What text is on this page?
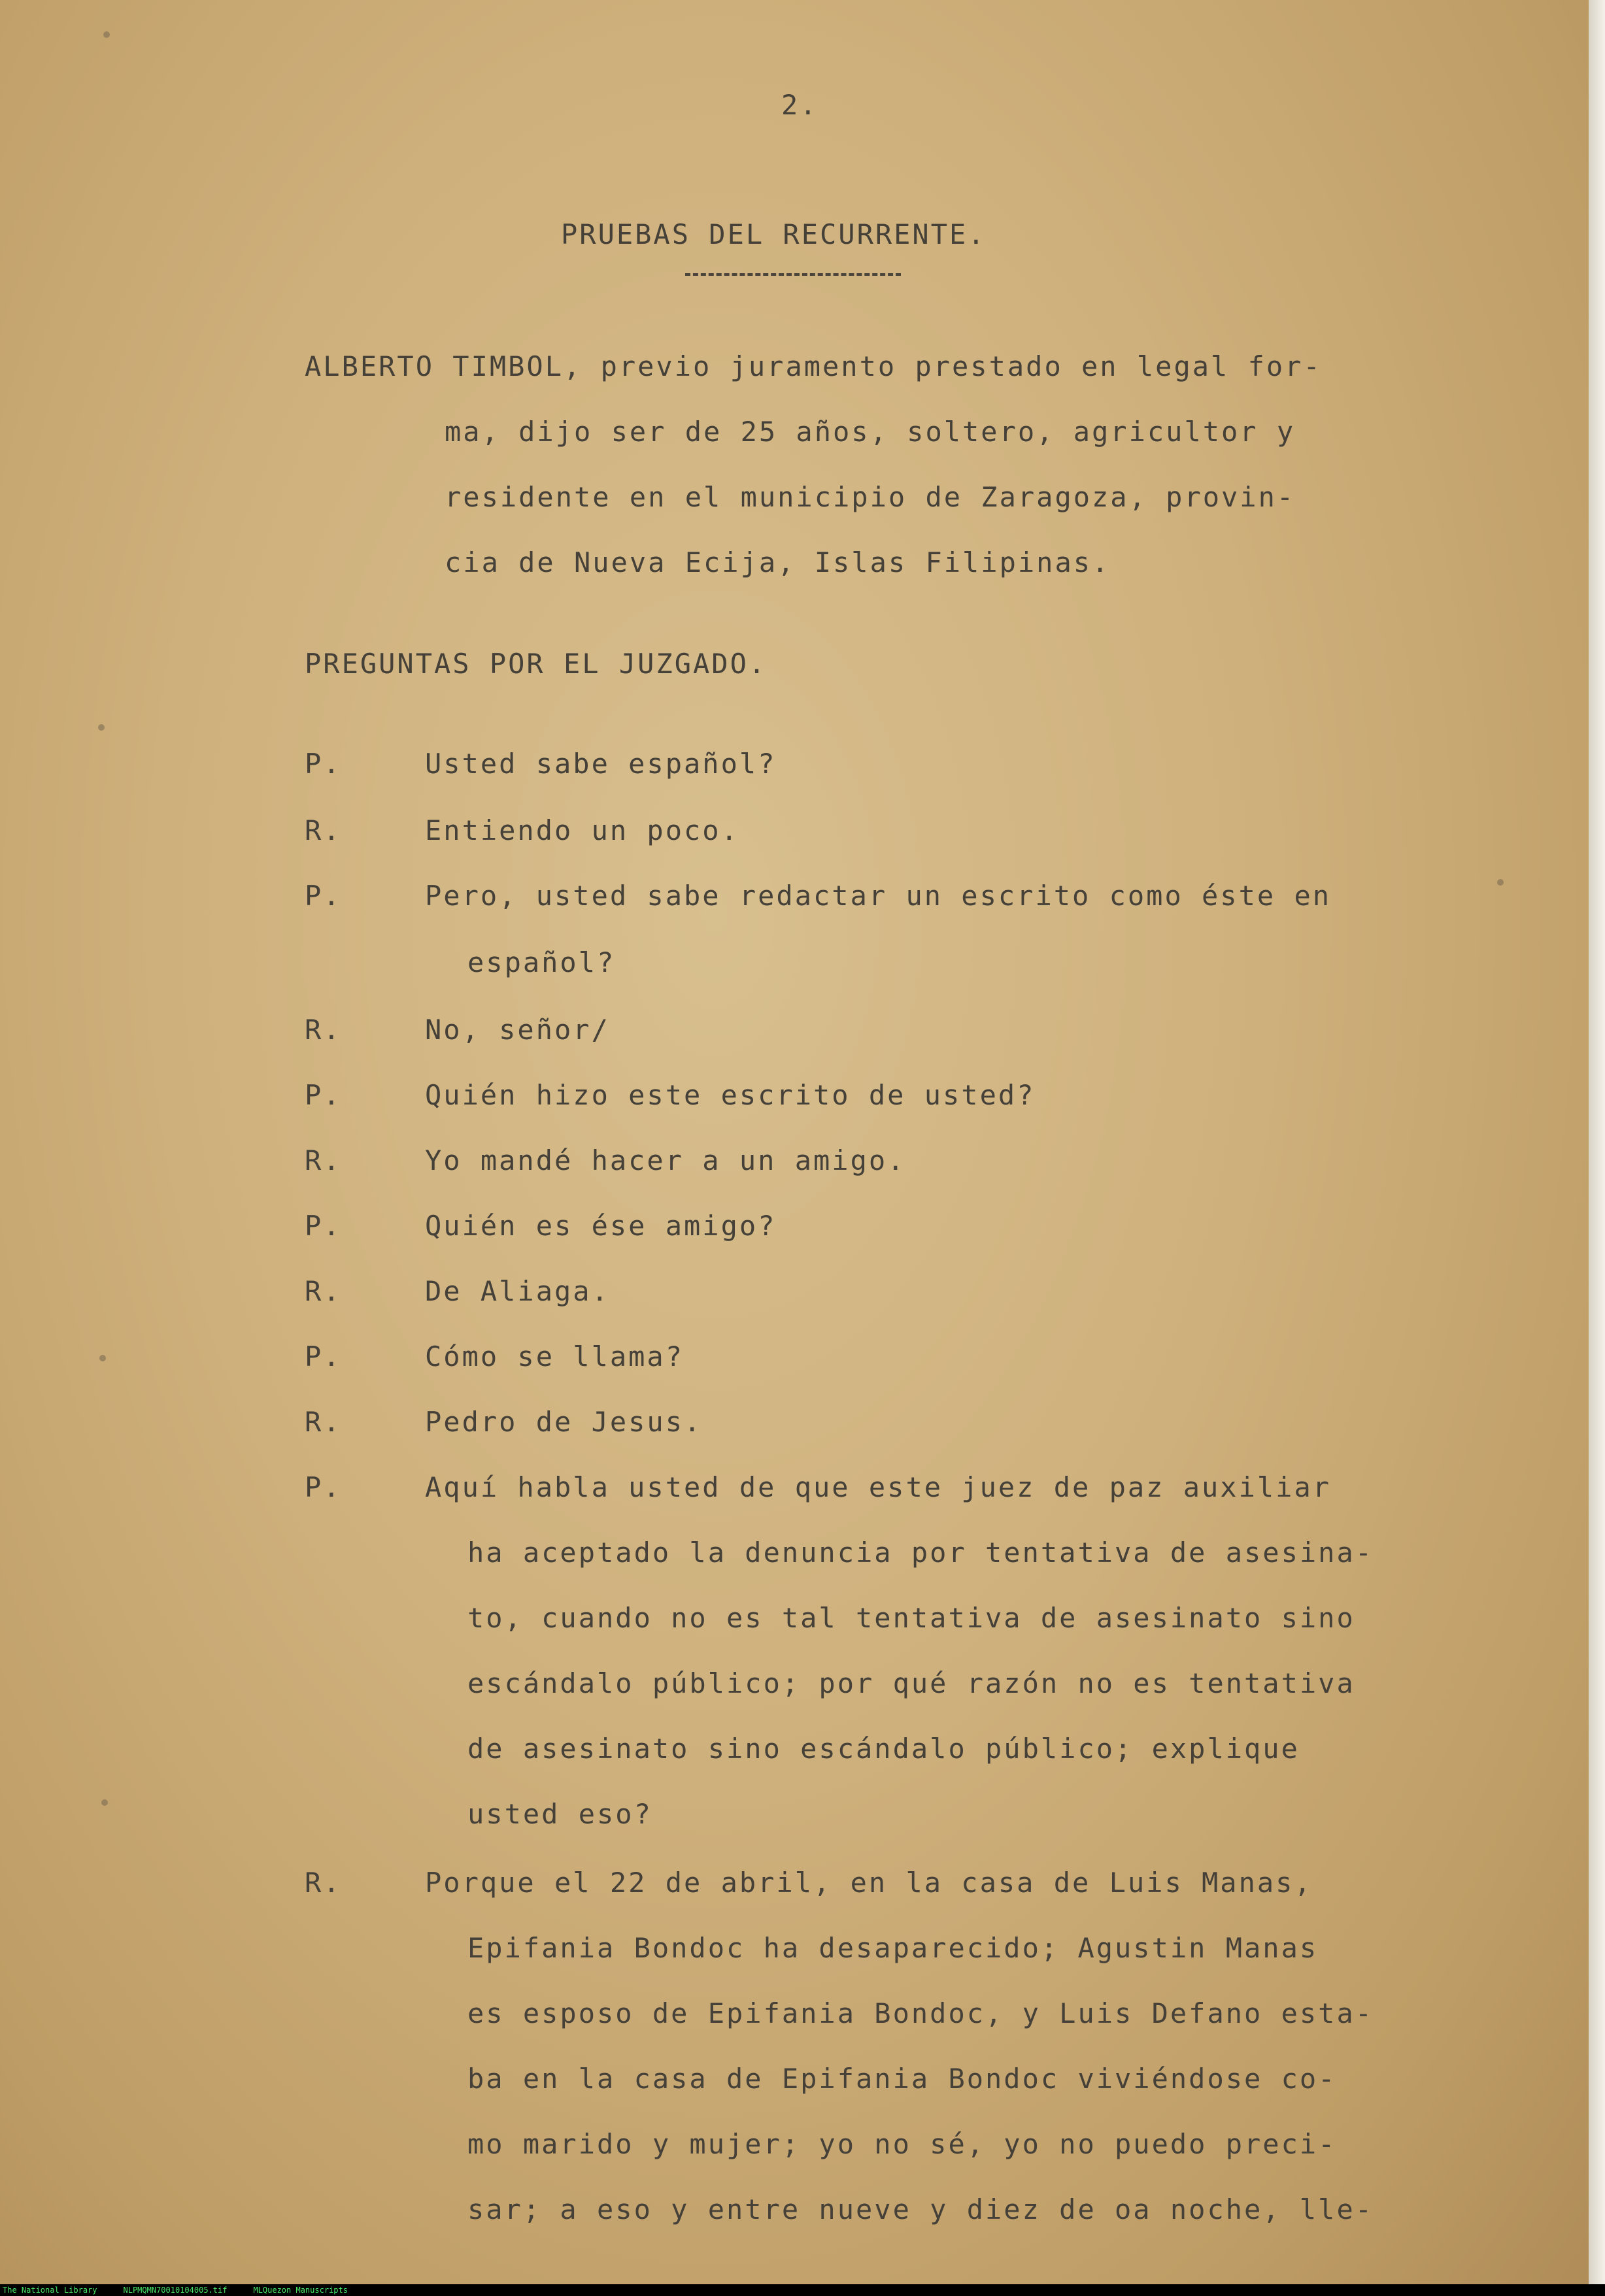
2.
PRUEBAS DEL RECURRENTE.
ALBERTO TIMBOL, previo juramento prestado en legal for-
ma, dijo ser de 25 años, soltero, agricultor y
residente en el municipio de Zaragoza, provin-
cia de Nueva Ecija, Islas Filipinas.
PREGUNTAS POR EL JUZGADO.
P.	Usted sabe español?
R.	Entiendo un poco.
P.	Pero, usted sabe redactar un escrito como éste en
español?
R.	No, señor/
P.	Quién hizo este escrito de usted?
R.	Yo mandé hacer a un amigo.
P.	Quién es ése amigo?
R.	De Aliaga.
P.	Cómo se llama?
R.	Pedro de Jesus.
P.	Aquí habla usted de que este juez de paz auxiliar
ha aceptado la denuncia por tentativa de asesina-
to, cuando no es tal tentativa de asesinato sino
escándalo público; por qué razón no es tentativa
de asesinato sino escándalo público; explique
usted eso?
R.	Porque el 22 de abril, en la casa de Luis Manas,
Epifania Bondoc ha desaparecido; Agustin Manas
es esposo de Epifania Bondoc, y Luis Defano esta-
ba en la casa de Epifania Bondoc viviéndose co-
mo marido y mujer; yo no sé, yo no puedo preci-
sar; a eso y entre nueve y diez de oa noche, lle-
The National Library	NLPMQMN70010104005.tif	MLQuezon Manuscripts
